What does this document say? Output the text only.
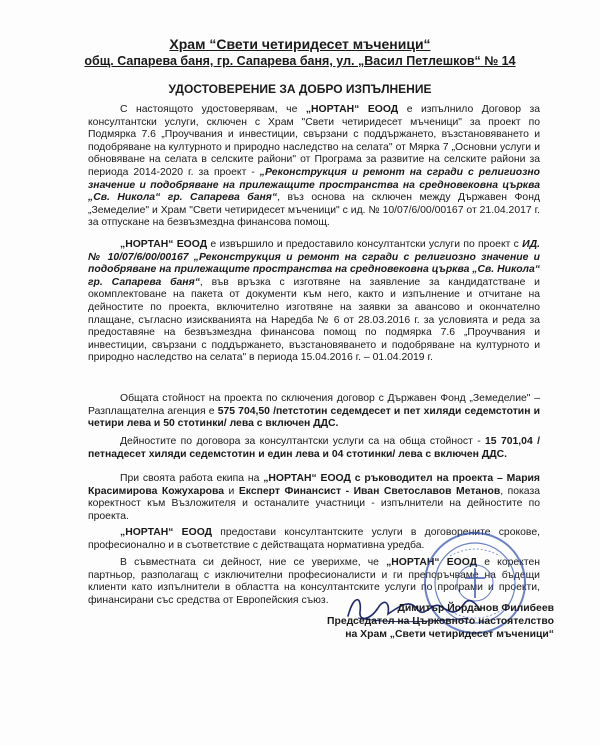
Храм “Свети четиридесет мъченици“
общ. Сапарева баня, гр. Сапарева баня, ул. „Васил Петлешков“ № 14
УДОСТОВЕРЕНИЕ ЗА ДОБРО ИЗПЪЛНЕНИЕ

С настоящото удостоверявам, че „НОРТАН“ ЕООД е изпълнило Договор за консултантски услуги, сключен с Храм "Свети четиридесет мъченици" за проект по Подмярка 7.6 „Проучвания и инвестиции, свързани с поддържането, възстановяването и подобряване на културното и природно наследство на селата" от Мярка 7 „Основни услуги и обновяване на селата в селските райони" от Програма за развитие на селските райони за периода 2014-2020 г. за проект - „Реконструкция и ремонт на сгради с религиозно значение и подобряване на прилежащите пространства на средновековна църква „Св. Никола“ гр. Сапарева баня“, въз основа на сключен между Държавен Фонд „Земеделие" и Храм "Свети четиридесет мъченици" с ид. № 10/07/6/00/00167 от 21.04.2017 г. за отпускане на безвъзмездна финансова помощ.

„НОРТАН“ ЕООД е извършило и предоставило консултантски услуги по проект с ИД. № 10/07/6/00/00167 „Реконструкция и ремонт на сгради с религиозно значение и подобряване на прилежащите пространства на средновековна църква „Св. Никола“ гр. Сапарева баня“, във връзка с изготвяне на заявление за кандидатстване и окомплектоване на пакета от документи към него, както и изпълнение и отчитане на дейностите по проекта, включително изготвяне на заявки за авансово и окончателно плащане, съгласно изискванията на Наредба № 6 от 28.03.2016 г. за условията и реда за предоставяне на безвъзмездна финансова помощ по подмярка 7.6 „Проучвания и инвестиции, свързани с поддържането, възстановяването и подобряване на културното и природно наследство на селата" в периода 15.04.2016 г. – 01.04.2019 г.

Общата стойност на проекта по сключения договор с Държавен Фонд „Земеделие" – Разплащателна агенция е 575 704,50 /петстотин седемдесет и пет хиляди седемстотин и четири лева и 50 стотинки/ лева с включен ДДС.

Дейностите по договора за консултантски услуги са на обща стойност - 15 701,04 /петнадесет хиляди седемстотин и един лева и 04 стотинки/ лева с включен ДДС.

При своята работа екипа на „НОРТАН“ ЕООД с ръководител на проекта – Мария Красимирова Кожухарова и Експерт Финансист - Иван Светославов Метанов, показа коректност към Възложителя и останалите участници - изпълнители на дейностите по проекта.

„НОРТАН“ ЕООД предостави консултантските услуги в договорените срокове, професионално и в съответствие с действащата нормативна уредба.

В съвместната си дейност, ние се уверихме, че „НОРТАН“ ЕООД е коректен партньор, разполагащ с изключителни професионалисти и ги препоръчваме на бъдещи клиенти като изпълнители в областта на консултантските услуги по програми и проекти, финансирани със средства от Европейския съюз.

Димитър Йорданов Филибеев
Председател на Църковното настоятелство
на Храм „Свети четиридесет мъченици“
